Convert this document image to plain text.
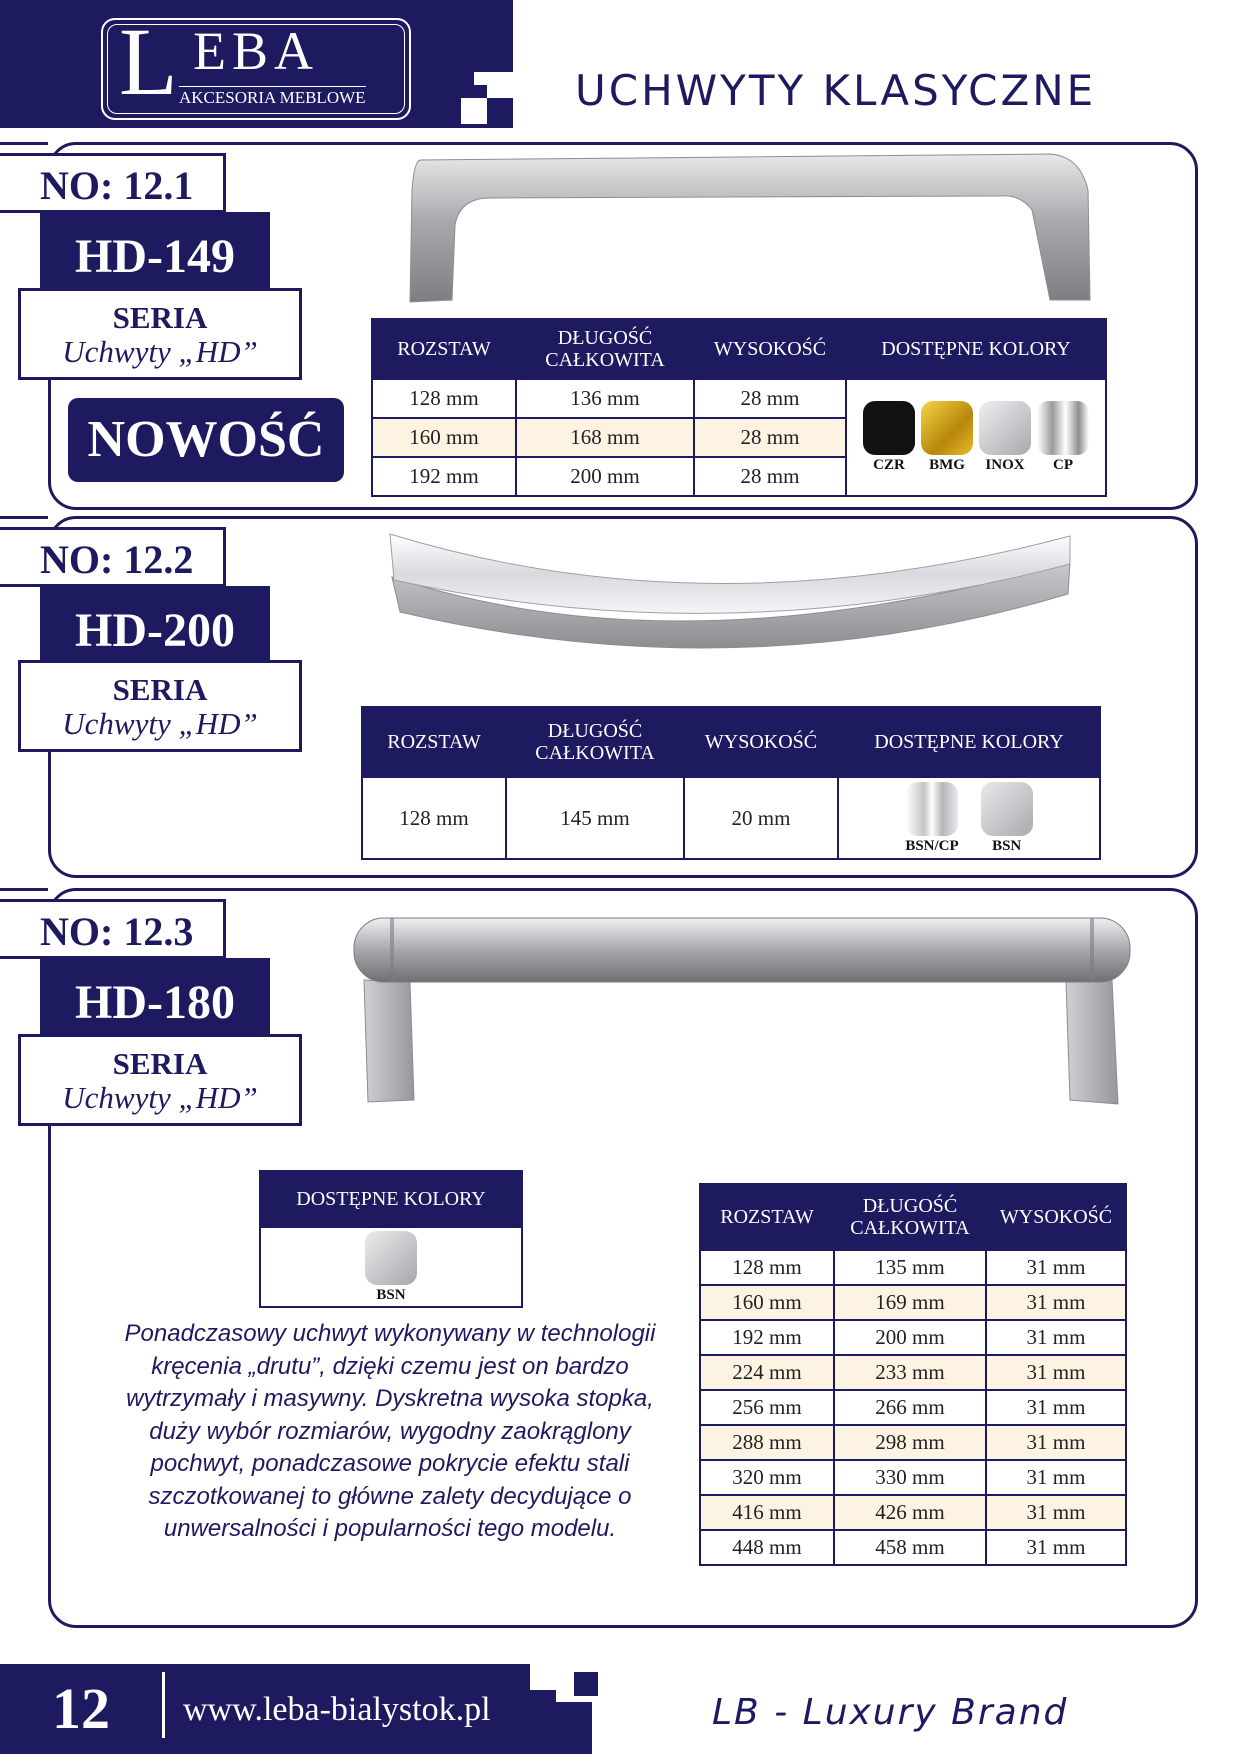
L EBA
AKCESORIA MEBLOWE	UCHWYTY KLASYCZNE
NO: 12.1
HD-149
SERIA
Uchwyty „HD”
NOWOŚĆ
ROZSTAW	DŁUGOŚĆ CAŁKOWITA	WYSOKOŚĆ	DOSTĘPNE KOLORY
128 mm	136 mm	28 mm	CZR BMG INOX CP

160 mm	168 mm	28 mm	
192 mm	200 mm	28 mm	
NO: 12.2
HD-200
SERIA
Uchwyty „HD”
ROZSTAW	DŁUGOŚĆ CAŁKOWITA	WYSOKOŚĆ	DOSTĘPNE KOLORY
128 mm	145 mm	20 mm	BSN/CP BSN
NO: 12.3
HD-180
SERIA
Uchwyty „HD”
DOSTĘPNE KOLORY

BSN
Ponadczasowy uchwyt wykonywany w technologii kręcenia „drutu”, dzięki czemu jest on bardzo wytrzymały i masywny. Dyskretna wysoka stopka, duży wybór rozmiarów, wygodny zaokrąglony pochwyt, ponadczasowe pokrycie efektu stali szczotkowanej to główne zalety decydujące o unwersalności i popularności tego modelu.
ROZSTAW	DŁUGOŚĆ CAŁKOWITA	WYSOKOŚĆ
128 mm	135 mm	31 mm
160 mm	169 mm	31 mm
192 mm	200 mm	31 mm
224 mm	233 mm	31 mm
256 mm	266 mm	31 mm
288 mm	298 mm	31 mm
320 mm	330 mm	31 mm
416 mm	426 mm	31 mm
448 mm	458 mm	31 mm
12 www.leba-bialystok.pl	LB - Luxury Brand
